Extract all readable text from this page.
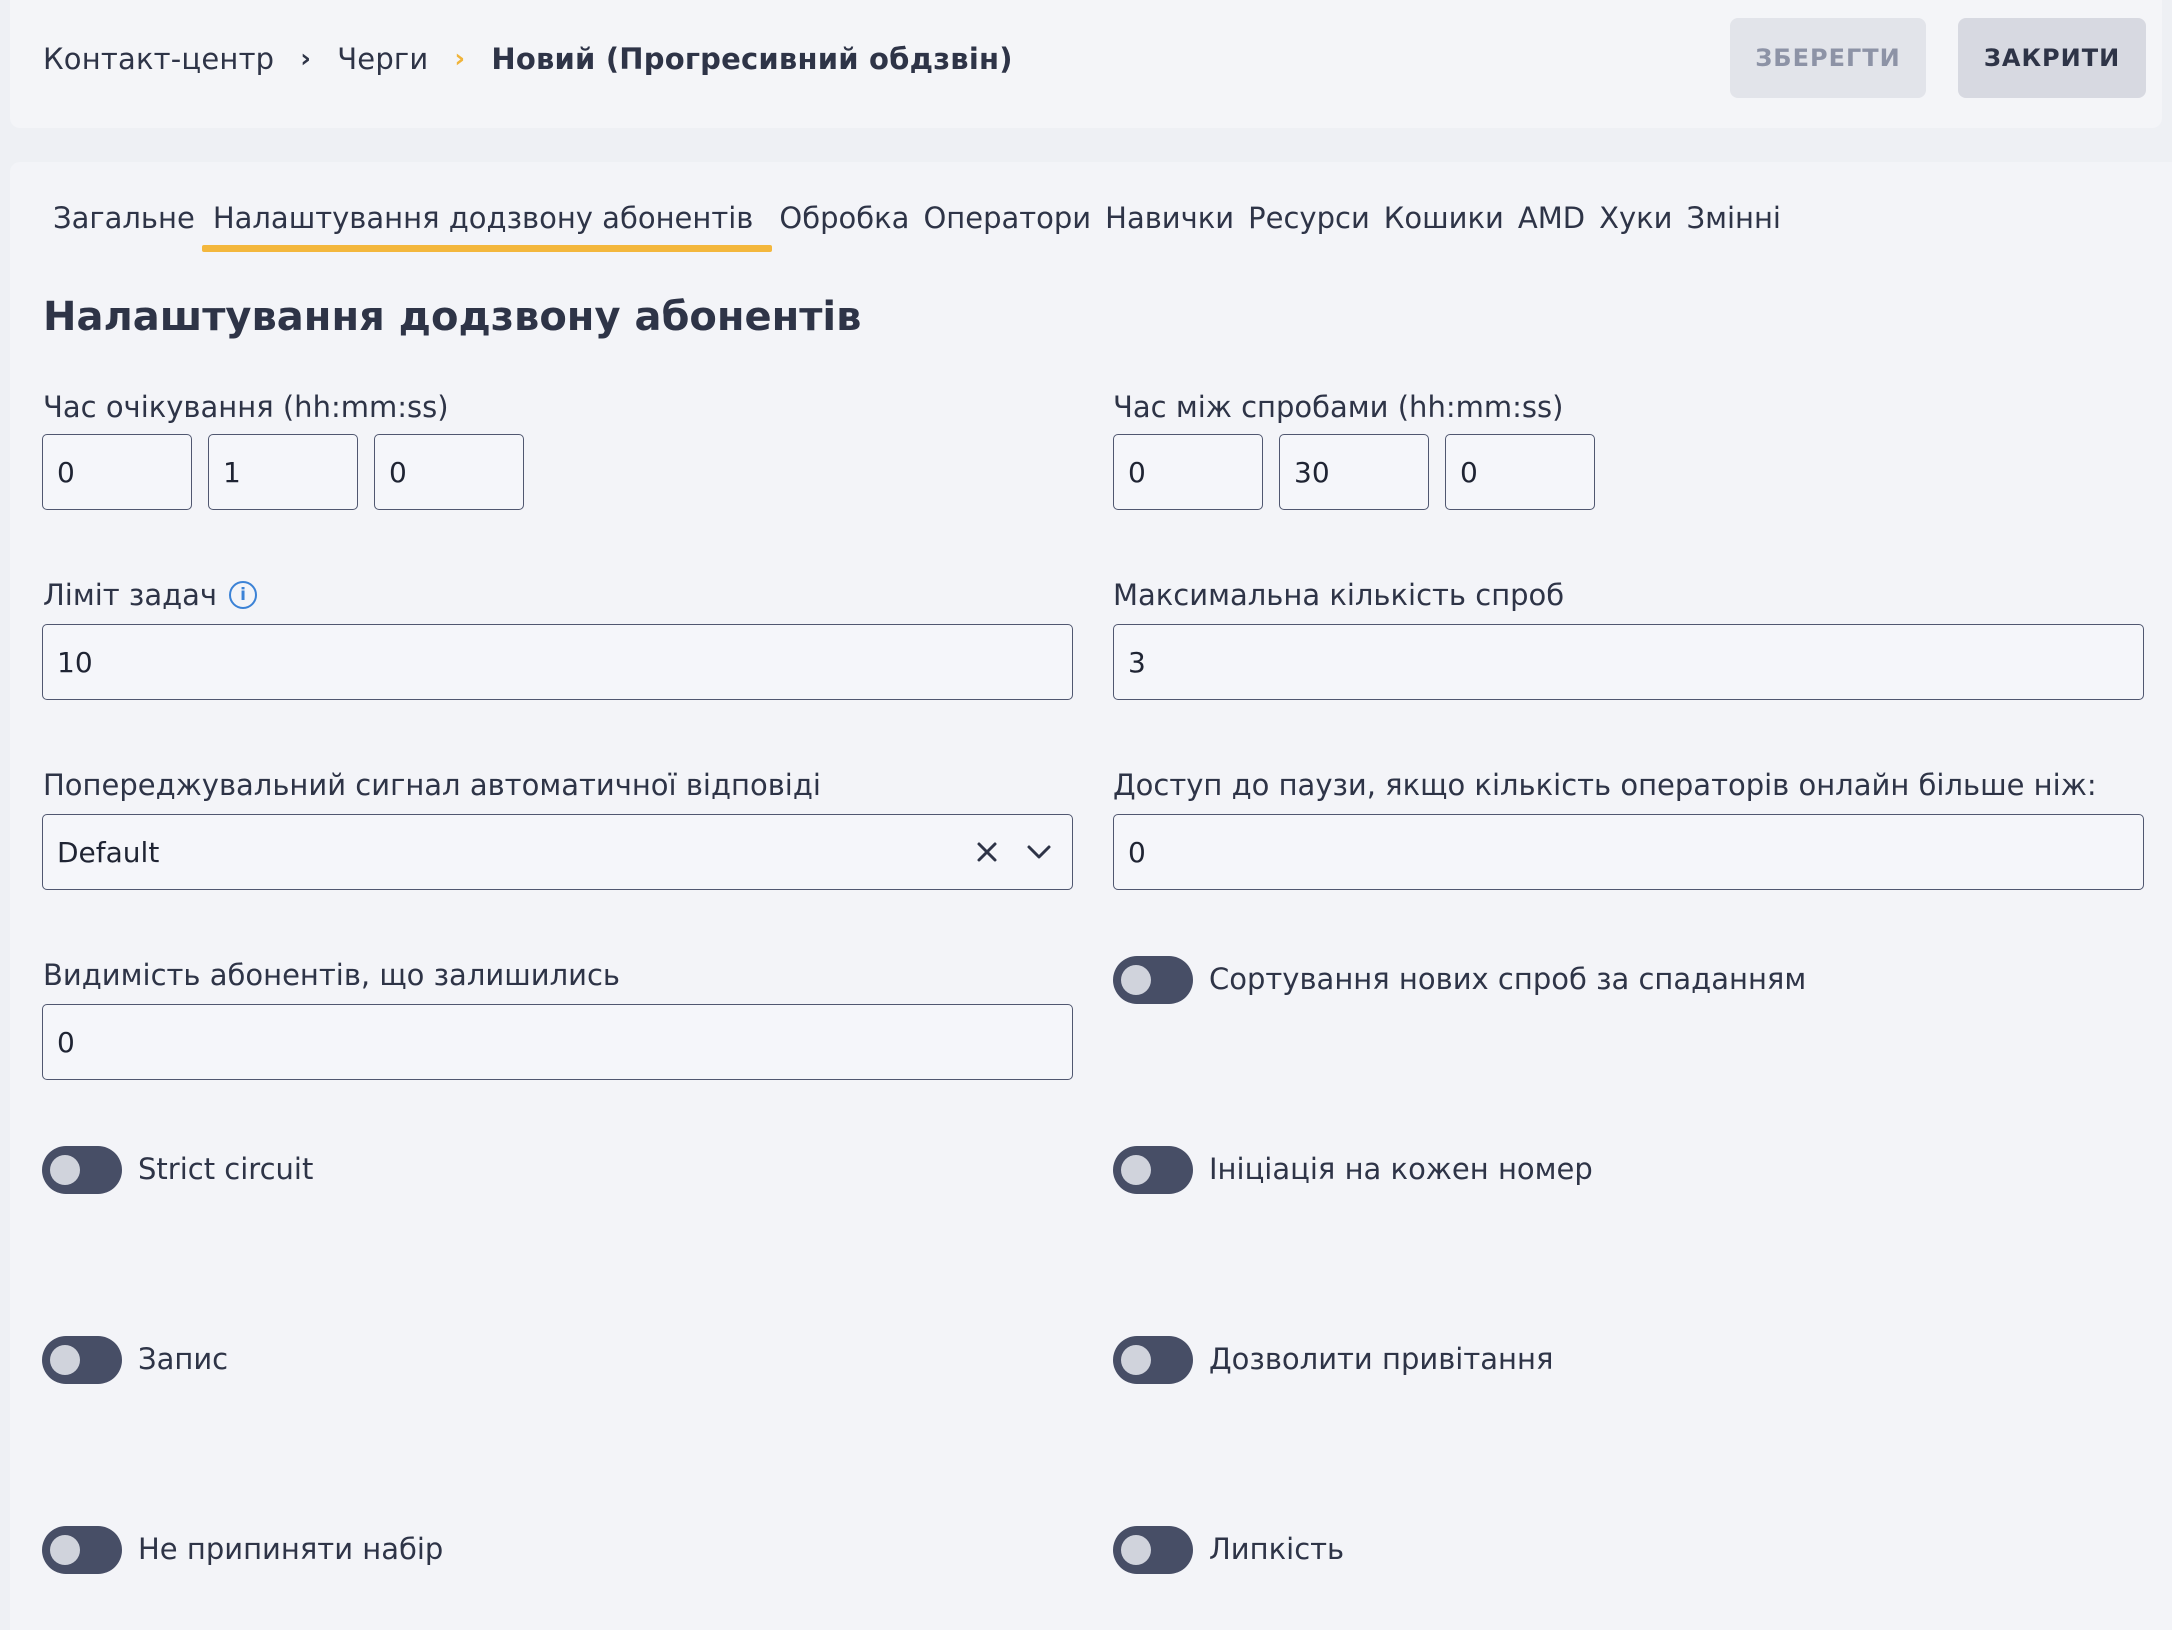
Контакт-центр › Черги › Новий (Прогресивний обдзвін)	ЗБЕРЕГТИ	ЗАКРИТИ
Загальне Налаштування додзвону абонентів Обробка Оператори Навички Ресурси Кошики AMD Хуки Змінні
Налаштування додзвону абонентів
Час очікування (hh:mm:ss)
0	1	0
Час між спробами (hh:mm:ss)
0	30	0
Ліміт задач	i
10
Максимальна кількість спроб
3
Попереджувальний сигнал автоматичної відповіді
Default
Доступ до паузи, якщо кількість операторів онлайн більше ніж:
0
Видимість абонентів, що залишились
0
Сортування нових спроб за спаданням
Strict circuit	Ініціація на кожен номер
Запис	Дозволити привітання
Не припиняти набір	Липкість
